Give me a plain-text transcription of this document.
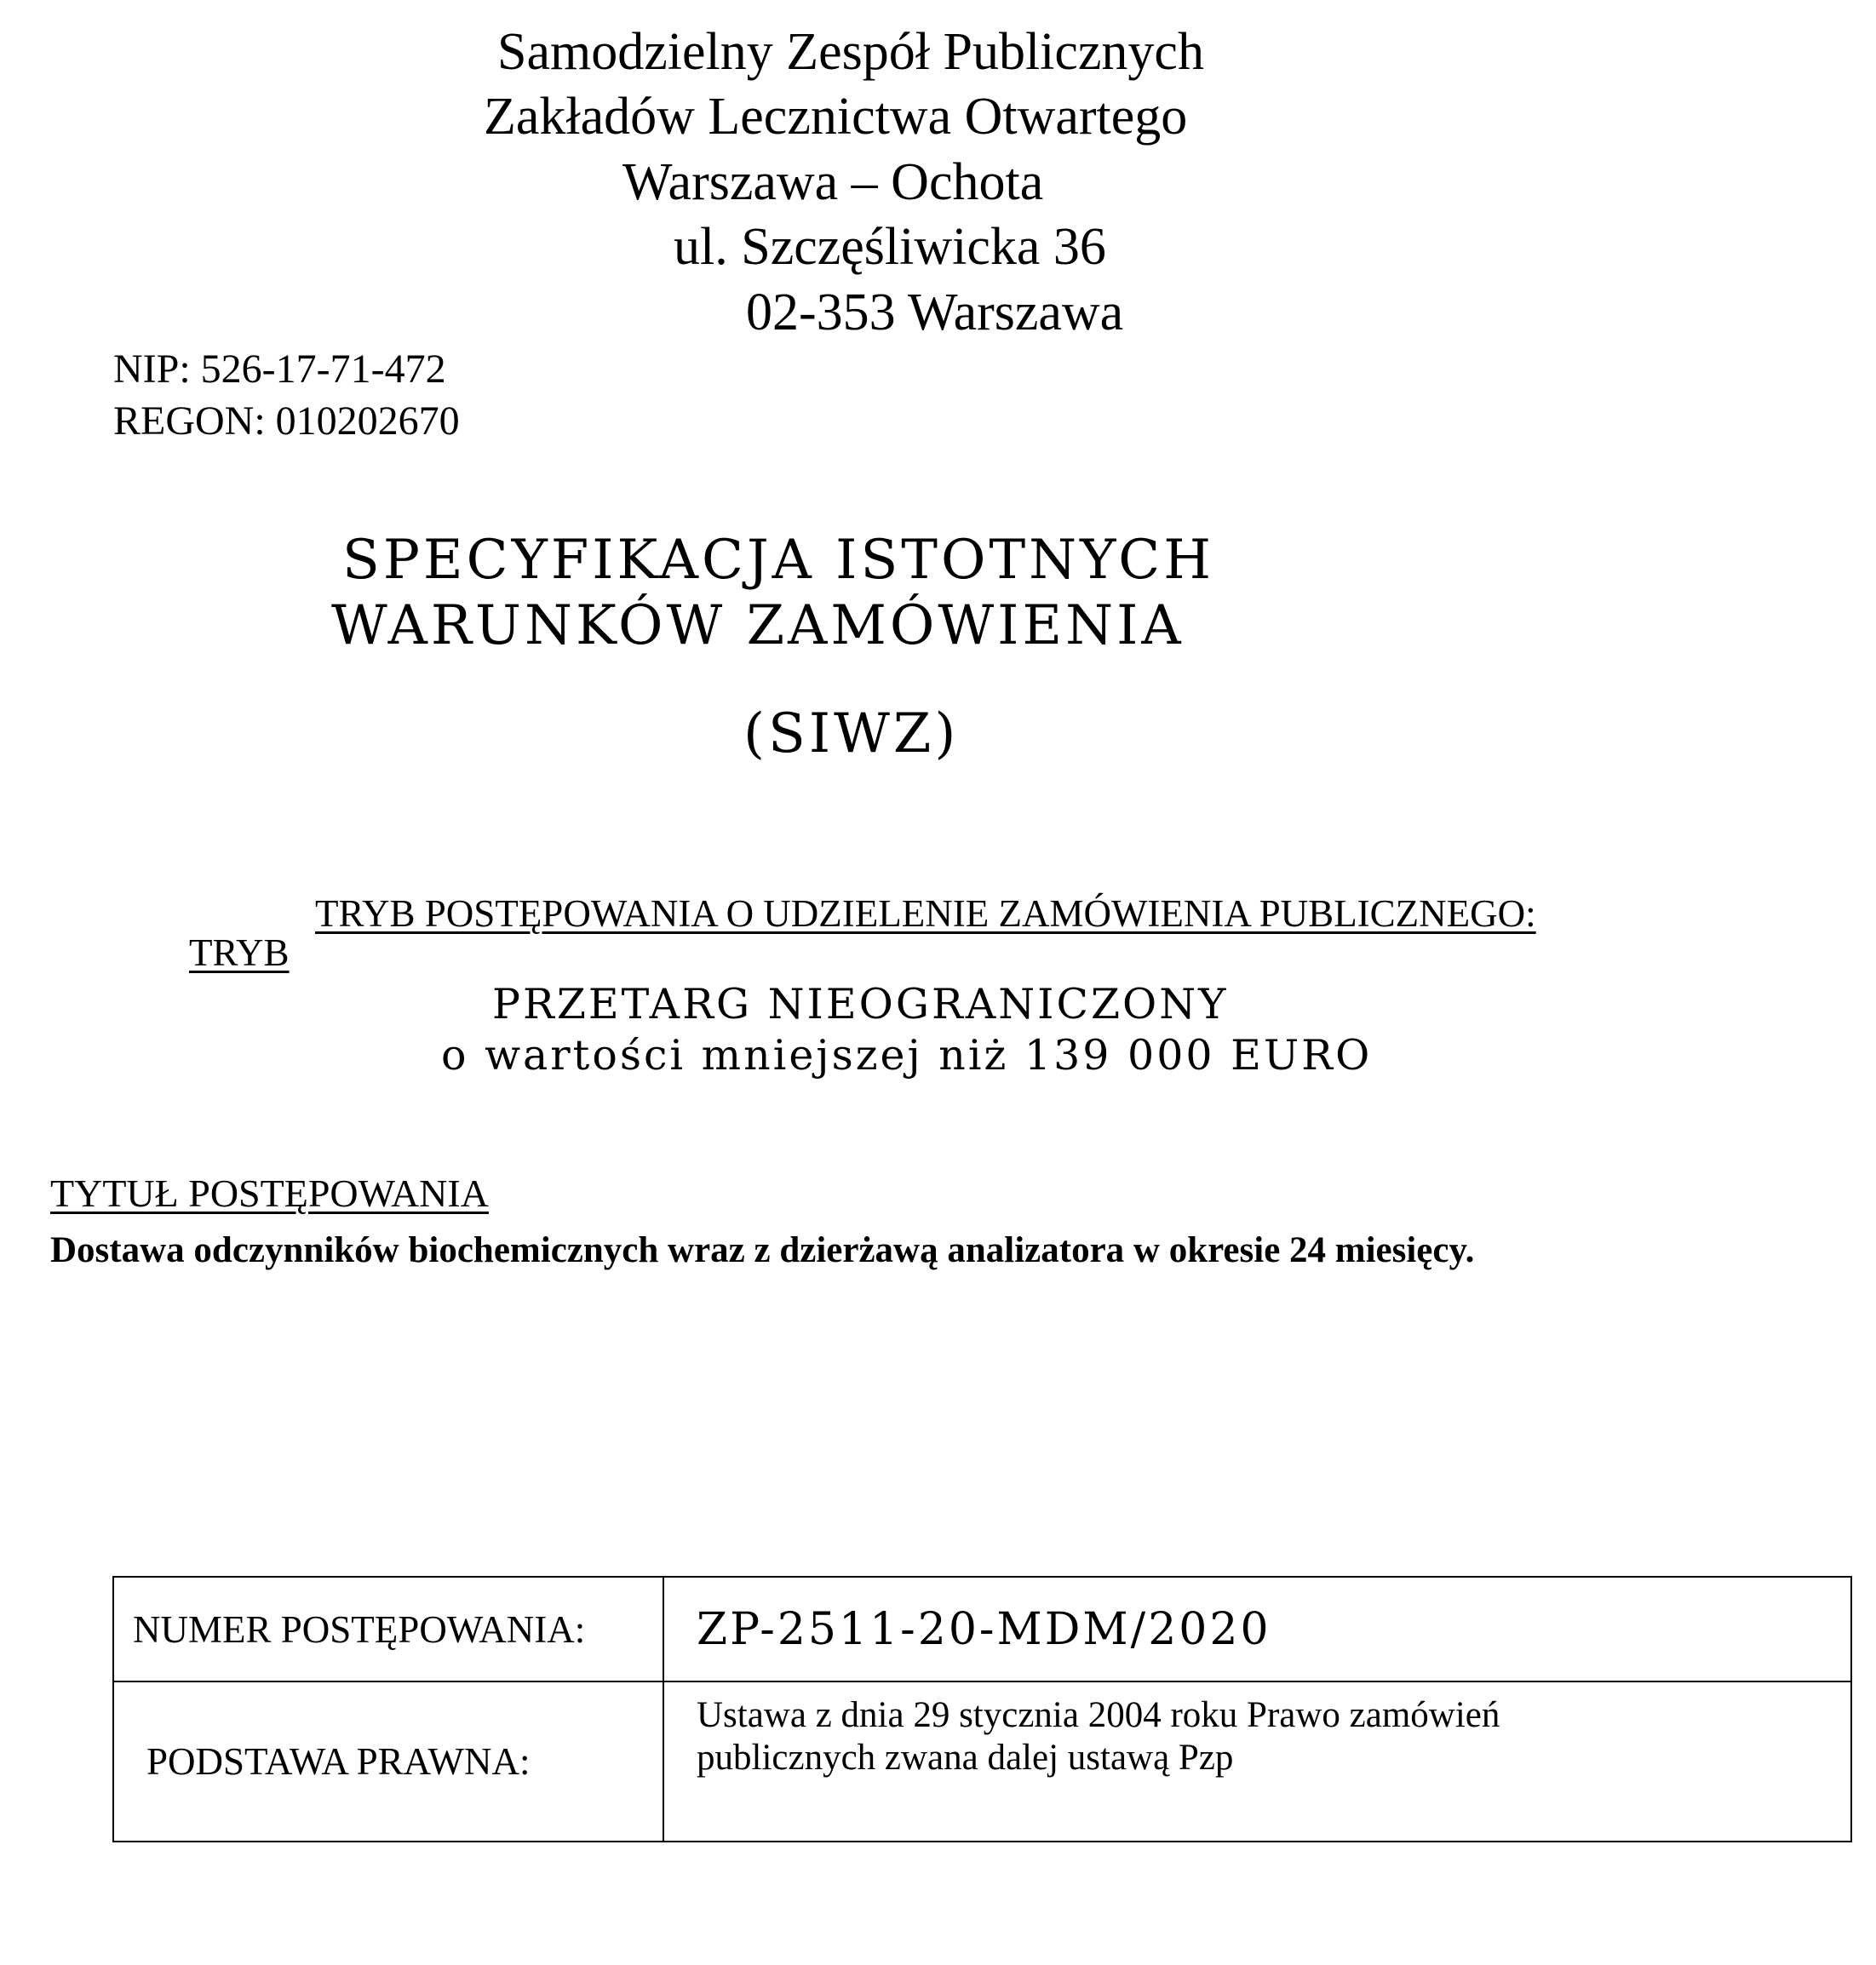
Samodzielny Zespół Publicznych
Zakładów Lecznictwa Otwartego
Warszawa – Ochota
ul. Szczęśliwicka 36
02-353 Warszawa
NIP: 526-17-71-472
REGON: 010202670
SPECYFIKACJA ISTOTNYCH
WARUNKÓW ZAMÓWIENIA
(SIWZ)
TRYB POSTĘPOWANIA O UDZIELENIE ZAMÓWIENIA PUBLICZNEGO:
TRYB
PRZETARG NIEOGRANICZONY
o wartości mniejszej niż 139 000 EURO
TYTUŁ POSTĘPOWANIA
Dostawa odczynników biochemicznych wraz z dzierżawą analizatora w okresie 24 miesięcy.
NUMER POSTĘPOWANIA:	ZP-2511-20-MDM/2020
PODSTAWA PRAWNA:	Ustawa z dnia 29 stycznia 2004 roku Prawo zamówień
publicznych zwana dalej ustawą Pzp
